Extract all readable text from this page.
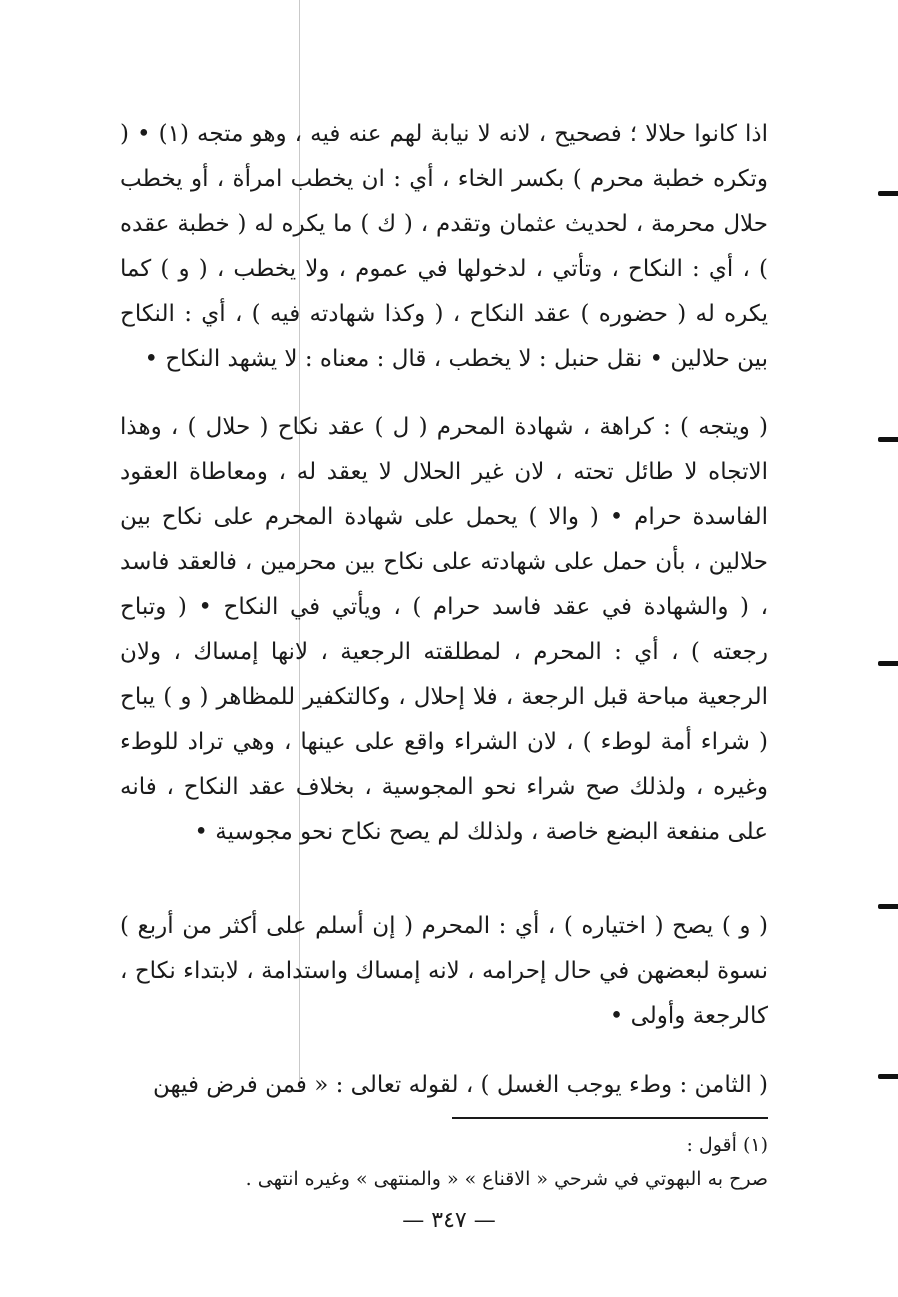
اذا كانوا حلالا ؛ فصحيح ، لانه لا نيابة لهم عنه فيه ، وهو متجه (١) • ( وتكره خطبة محرم ) بكسر الخاء ، أي : ان يخطب امرأة ، أو يخطب حلال محرمة ، لحديث عثمان وتقدم ، ( ك ) ما يكره له ( خطبة عقده ) ، أي : النكاح ، وتأتي ، لدخولها في عموم ، ولا يخطب ، ( و ) كما يكره له ( حضوره ) عقد النكاح ، ( وكذا شهادته فيه ) ، أي : النكاح بين حلالين • نقل حنبل : لا يخطب ، قال : معناه : لا يشهد النكاح •

( ويتجه ) : كراهة ، شهادة المحرم ( ل ) عقد نكاح ( حلال ) ، وهذا الاتجاه لا طائل تحته ، لان غير الحلال لا يعقد له ، ومعاطاة العقود الفاسدة حرام • ( والا ) يحمل على شهادة المحرم على نكاح بين حلالين ، بأن حمل على شهادته على نكاح بين محرمين ، فالعقد فاسد ، ( والشهادة في عقد فاسد حرام ) ، ويأتي في النكاح • ( وتباح رجعته ) ، أي : المحرم ، لمطلقته الرجعية ، لانها إمساك ، ولان الرجعية مباحة قبل الرجعة ، فلا إحلال ، وكالتكفير للمظاهر ( و ) يباح ( شراء أمة لوطء ) ، لان الشراء واقع على عينها ، وهي تراد للوطء وغيره ، ولذلك صح شراء نحو المجوسية ، بخلاف عقد النكاح ، فانه على منفعة البضع خاصة ، ولذلك لم يصح نكاح نحو مجوسية •

( و ) يصح ( اختياره ) ، أي : المحرم ( إن أسلم على أكثر من أربع ) نسوة لبعضهن في حال إحرامه ، لانه إمساك واستدامة ، لابتداء نكاح ، كالرجعة وأولى •

( الثامن : وطء يوجب الغسل ) ، لقوله تعالى : « فمن فرض فيهن

(١) أقول :
صرح به البهوتي في شرحي « الاقناع » « والمنتهى » وغيره انتهى .
— ٣٤٧ —
